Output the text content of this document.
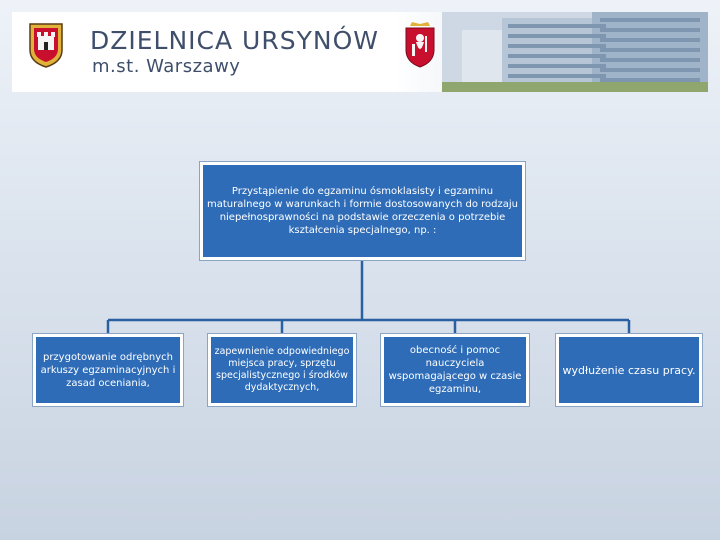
DZIELNICA URSYNÓW
m.st. Warszawy
Przystąpienie do egzaminu ósmoklasisty i egzaminu maturalnego w warunkach i formie dostosowanych do rodzaju niepełnosprawności na podstawie orzeczenia o potrzebie kształcenia specjalnego, np. :
przygotowanie odrębnych arkuszy egzaminacyjnych i zasad oceniania,
zapewnienie odpowiedniego miejsca pracy, sprzętu specjalistycznego i środków dydaktycznych,
obecność i pomoc nauczyciela wspomagającego w czasie egzaminu,
wydłużenie czasu pracy.
